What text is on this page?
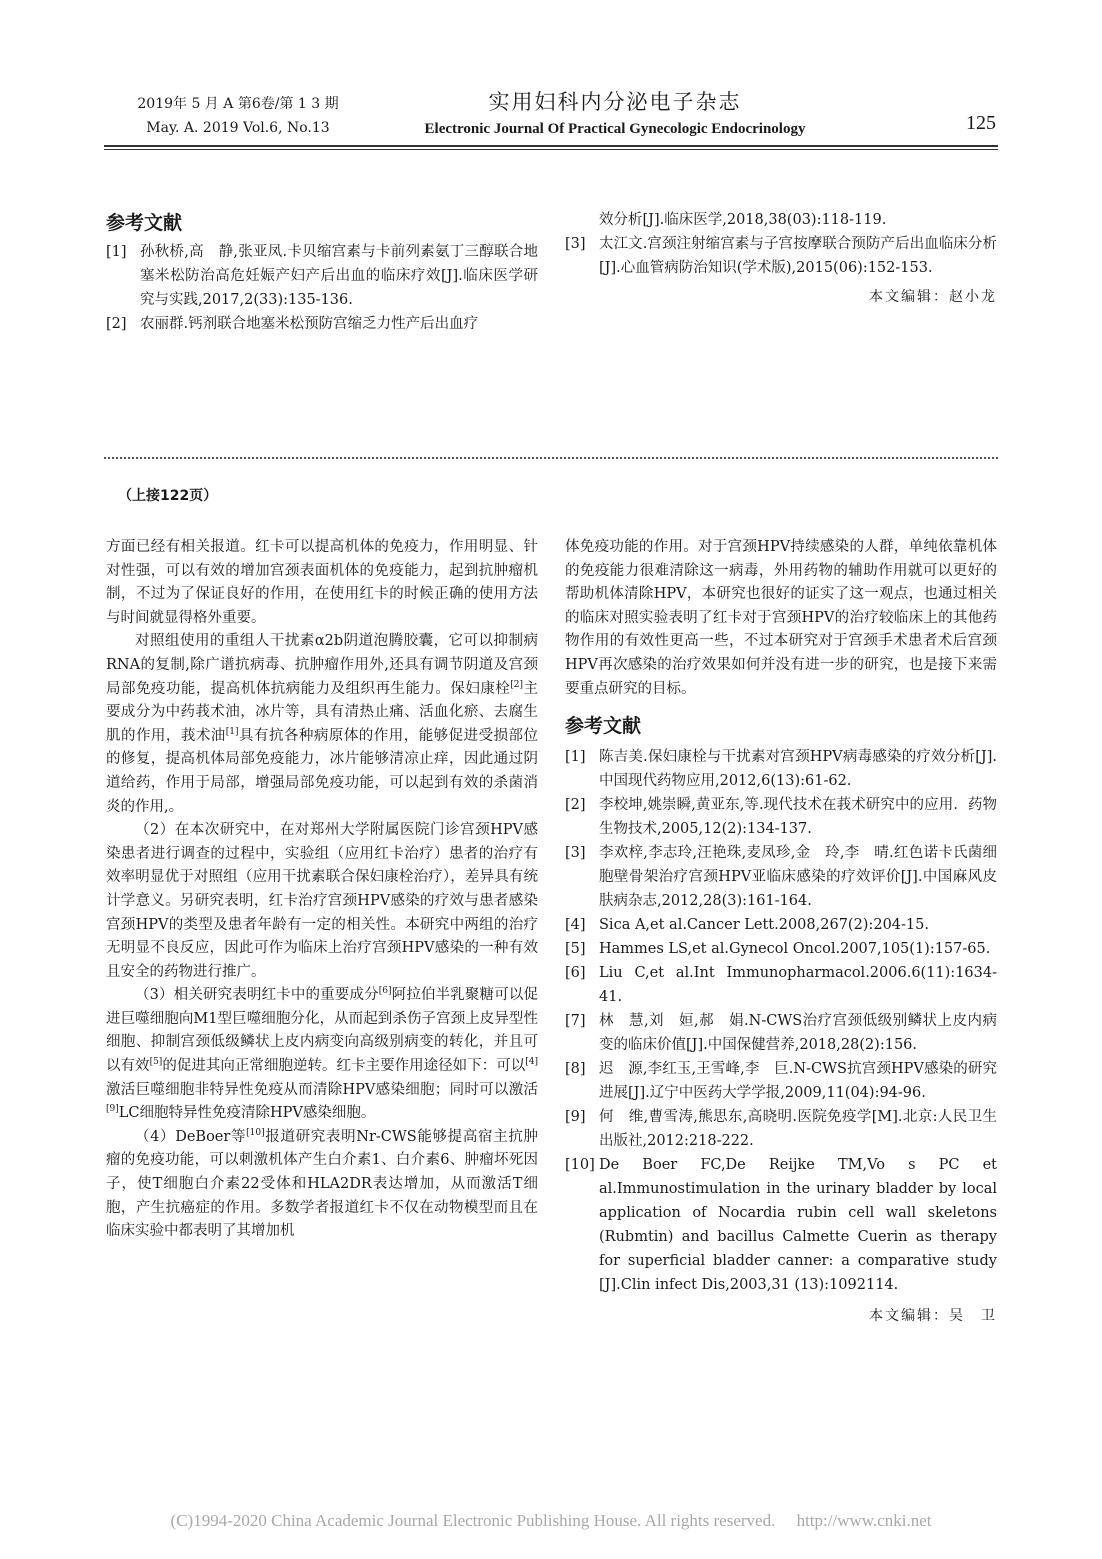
2019年 5 月 A 第6卷/第 1 3 期
May. A. 2019 Vol.6, No.13
实用妇科内分泌电子杂志
Electronic Journal Of Practical Gynecologic Endocrinology	125
参考文献
[1] 孙秋桥,高　静,张亚凤.卡贝缩宫素与卡前列素氨丁三醇联合地塞米松防治高危妊娠产妇产后出血的临床疗效[J].临床医学研究与实践,2017,2(33):135-136.
[2] 农丽群.钙剂联合地塞米松预防宫缩乏力性产后出血疗
效分析[J].临床医学,2018,38(03):118-119.
[3] 太江文.宫颈注射缩宫素与子宫按摩联合预防产后出血临床分析[J].心血管病防治知识(学术版),2015(06):152-153.
本文编辑：赵小龙
（上接122页）

方面已经有相关报道。红卡可以提高机体的免疫力，作用明显、针对性强，可以有效的增加宫颈表面机体的免疫能力，起到抗肿瘤机制，不过为了保证良好的作用，在使用红卡的时候正确的使用方法与时间就显得格外重要。

对照组使用的重组人干扰素α2b阴道泡腾胶囊，它可以抑制病RNA的复制,除广谱抗病毒、抗肿瘤作用外,还具有调节阴道及宫颈局部免疫功能，提高机体抗病能力及组织再生能力。保妇康栓[2]主要成分为中药莪术油，冰片等，具有清热止痛、活血化瘀、去腐生肌的作用，莪术油[1]具有抗各种病原体的作用，能够促进受损部位的修复，提高机体局部免疫能力，冰片能够清凉止痒，因此通过阴道给药，作用于局部，增强局部免疫功能，可以起到有效的杀菌消炎的作用,。

（2）在本次研究中，在对郑州大学附属医院门诊宫颈HPV感染患者进行调查的过程中，实验组（应用红卡治疗）患者的治疗有效率明显优于对照组（应用干扰素联合保妇康栓治疗），差异具有统计学意义。另研究表明，红卡治疗宫颈HPV感染的疗效与患者感染宫颈HPV的类型及患者年龄有一定的相关性。本研究中两组的治疗无明显不良反应，因此可作为临床上治疗宫颈HPV感染的一种有效且安全的药物进行推广。

（3）相关研究表明红卡中的重要成分[6]阿拉伯半乳聚糖可以促进巨噬细胞向M1型巨噬细胞分化，从而起到杀伤子宫颈上皮异型性细胞、抑制宫颈低级鳞状上皮内病变向高级别病变的转化，并且可以有效[5]的促进其向正常细胞逆转。红卡主要作用途径如下：可以[4]激活巨噬细胞非特异性免疫从而清除HPV感染细胞；同时可以激活[9]LC细胞特异性免疫清除HPV感染细胞。

（4）DeBoer等[10]报道研究表明Nr-CWS能够提高宿主抗肿瘤的免疫功能，可以刺激机体产生白介素1、白介素6、肿瘤坏死因子，使T细胞白介素22受体和HLA2DR表达增加，从而激活T细胞，产生抗癌症的作用。多数学者报道红卡不仅在动物模型而且在临床实验中都表明了其增加机

体免疫功能的作用。对于宫颈HPV持续感染的人群，单纯依靠机体的免疫能力很难清除这一病毒，外用药物的辅助作用就可以更好的帮助机体清除HPV，本研究也很好的证实了这一观点，也通过相关的临床对照实验表明了红卡对于宫颈HPV的治疗较临床上的其他药物作用的有效性更高一些，不过本研究对于宫颈手术患者术后宫颈HPV再次感染的治疗效果如何并没有进一步的研究，也是接下来需要重点研究的目标。

参考文献
[1] 陈吉美.保妇康栓与干扰素对宫颈HPV病毒感染的疗效分析[J].中国现代药物应用,2012,6(13):61-62.
[2] 李校坤,姚崇瞬,黄亚东,等.现代技术在莪术研究中的应用．药物生物技术,2005,12(2):134-137.
[3] 李欢梓,李志玲,汪艳珠,麦凤珍,金　玲,李　晴.红色诺卡氏菌细胞壁骨架治疗宫颈HPV亚临床感染的疗效评价[J].中国麻风皮肤病杂志,2012,28(3):161-164.
[4] Sica A,et al.Cancer Lett.2008,267(2):204-15.
[5] Hammes LS,et al.Gynecol Oncol.2007,105(1):157-65.
[6] Liu C,et al.Int Immunopharmacol.2006.6(11):1634-41.
[7] 林　慧,刘　姮,郝　娟.N-CWS治疗宫颈低级别鳞状上皮内病变的临床价值[J].中国保健营养,2018,28(2):156.
[8] 迟　源,李红玉,王雪峰,李　巨.N-CWS抗宫颈HPV感染的研究进展[J].辽宁中医药大学学报,2009,11(04):94-96.
[9] 何　维,曹雪涛,熊思东,高晓明.医院免疫学[M].北京:人民卫生出版社,2012:218-222.
[10] De Boer FC,De Reijke TM,Vo s PC et al.Immunostimulation in the urinary bladder by local application of Nocardia rubin cell wall skeletons (Rubmtin) and bacillus Calmette Cuerin as therapy for superficial bladder canner: a comparative study　[J].Clin infect Dis,2003,31 (13):1092114.
本文编辑：吴　卫
(C)1994-2020 China Academic Journal Electronic Publishing House. All rights reserved.　 http://www.cnki.net
